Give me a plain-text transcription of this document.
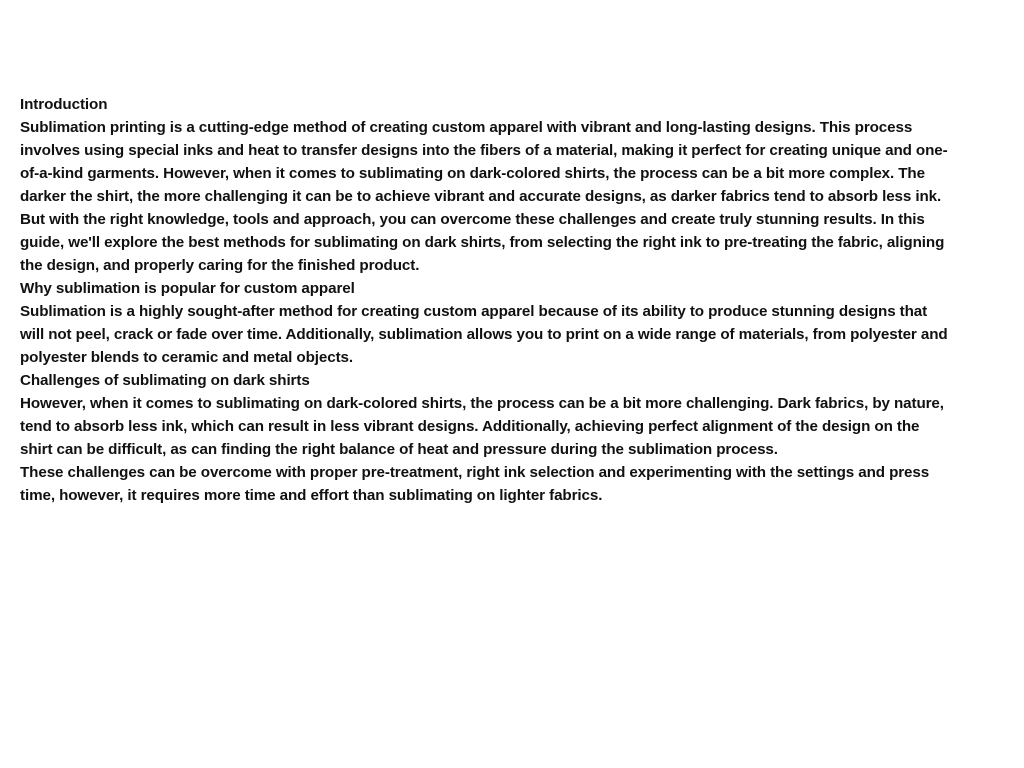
Introduction

Sublimation printing is a cutting-edge method of creating custom apparel with vibrant and long-lasting designs. This process involves using special inks and heat to transfer designs into the fibers of a material, making it perfect for creating unique and one-of-a-kind garments. However, when it comes to sublimating on dark-colored shirts, the process can be a bit more complex. The darker the shirt, the more challenging it can be to achieve vibrant and accurate designs, as darker fabrics tend to absorb less ink. But with the right knowledge, tools and approach, you can overcome these challenges and create truly stunning results. In this guide, we'll explore the best methods for sublimating on dark shirts, from selecting the right ink to pre-treating the fabric, aligning the design, and properly caring for the finished product.

Why sublimation is popular for custom apparel

Sublimation is a highly sought-after method for creating custom apparel because of its ability to produce stunning designs that will not peel, crack or fade over time. Additionally, sublimation allows you to print on a wide range of materials, from polyester and polyester blends to ceramic and metal objects.

Challenges of sublimating on dark shirts

However, when it comes to sublimating on dark-colored shirts, the process can be a bit more challenging. Dark fabrics, by nature, tend to absorb less ink, which can result in less vibrant designs. Additionally, achieving perfect alignment of the design on the shirt can be difficult, as can finding the right balance of heat and pressure during the sublimation process.

These challenges can be overcome with proper pre-treatment, right ink selection and experimenting with the settings and press time, however, it requires more time and effort than sublimating on lighter fabrics.
